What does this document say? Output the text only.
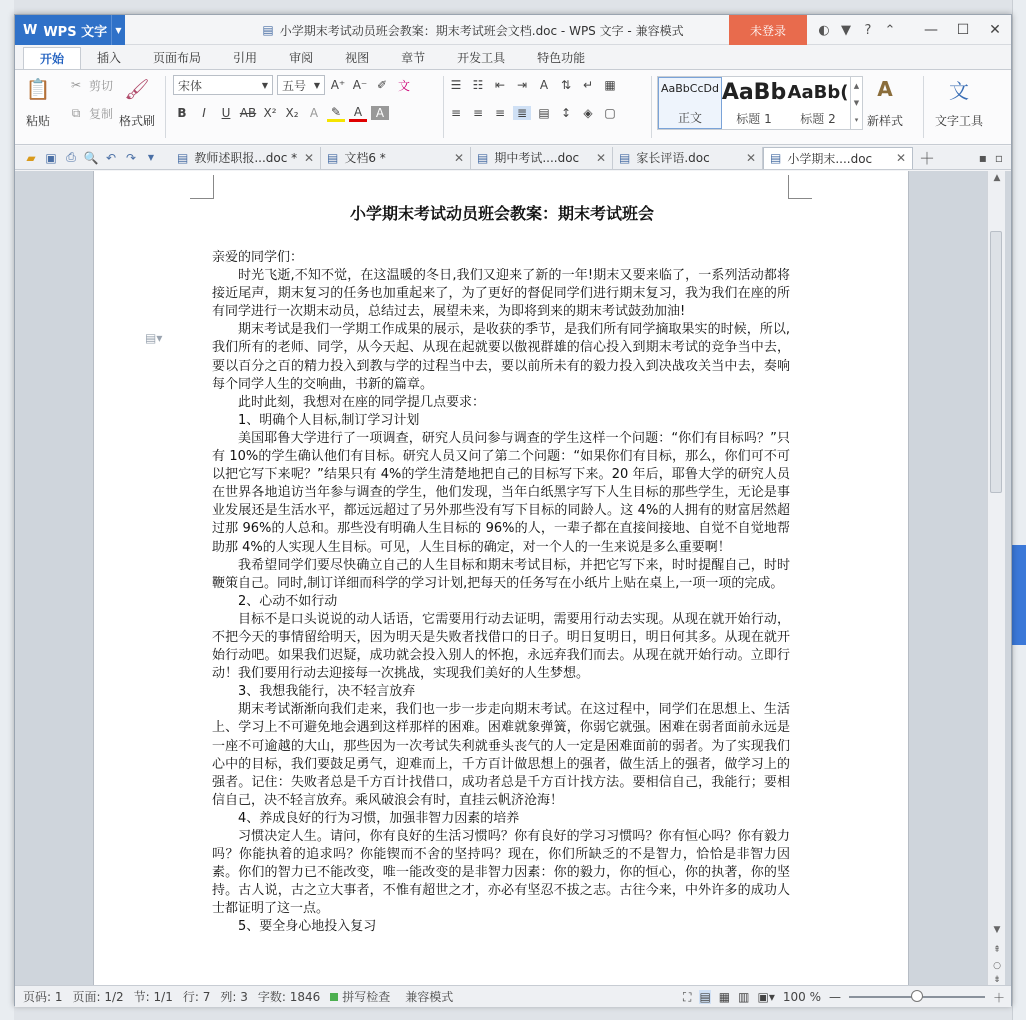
W WPS 文字	▼	▤ 小学期末考试动员班会教案：期末考试班会文档.doc - WPS 文字 - 兼容模式	未登录	◐ ▼	?	⌃	—	☐	✕
开始	插入	页面布局	引用	审阅	视图	章节	开发工具	特色功能
📋
粘贴
✂ 剪切
⧉ 复制
🖌
格式刷
宋体	▼ 五号 ▼ A⁺ A⁻ ✐ 文
B	I	U AB X² X₂ A	✎	A	A
☰ ☷ ⇤ ⇥	A	⇅ ↵ ▦
≡ ≡ ≡ ≣ ▤ ↕	◈ ▢
AaBbCcDd
正文
AaBb
标题 1
AaBb(
标题 2
▲
▼
▾
A
新样式
文
文字工具
▰ ▣ ⎙ 🔍 ↶ ↷	▼	▤ 教师述职报...doc * ✕ ▤ 文档6 *	✕ ▤ 期中考试....doc ✕ ▤ 家长评语.doc	✕ ▤ 小学期末....doc ✕ ＋	▪ ▫
小学期末考试动员班会教案：期末考试班会

亲爱的同学们：

时光飞逝,不知不觉，在这温暖的冬日,我们又迎来了新的一年!期末又要来临了，一系列活动都将接近尾声，期末复习的任务也加重起来了，为了更好的督促同学们进行期末复习，我为我们在座的所有同学进行一次期末动员，总结过去，展望未来，为即将到来的期末考试鼓劲加油!

期末考试是我们一学期工作成果的展示，是收获的季节，是我们所有同学摘取果实的时候，所以,我们所有的老师、同学，从今天起、从现在起就要以傲视群雄的信心投入到期末考试的竞争当中去，要以百分之百的精力投入到教与学的过程当中去，要以前所未有的毅力投入到决战攻关当中去，奏响每个同学人生的交响曲，书新的篇章。

此时此刻，我想对在座的同学提几点要求：

1、明确个人目标,制订学习计划

美国耶鲁大学进行了一项调查，研究人员问参与调查的学生这样一个问题：“你们有目标吗？”只有 10%的学生确认他们有目标。研究人员又问了第二个问题：“如果你们有目标，那么，你们可不可以把它写下来呢？”结果只有 4%的学生清楚地把自己的目标写下来。20 年后，耶鲁大学的研究人员在世界各地追访当年参与调查的学生，他们发现，当年白纸黑字写下人生目标的那些学生，无论是事业发展还是生活水平，都远远超过了另外那些没有写下目标的同龄人。这 4%的人拥有的财富居然超过那 96%的人总和。那些没有明确人生目标的 96%的人，一辈子都在直接间接地、自觉不自觉地帮助那 4%的人实现人生目标。可见，人生目标的确定，对一个人的一生来说是多么重要啊！

我希望同学们要尽快确立自己的人生目标和期末考试目标，并把它写下来，时时提醒自己，时时鞭策自己。同时,制订详细而科学的学习计划,把每天的任务写在小纸片上贴在桌上,一项一项的完成。

2、心动不如行动

目标不是口头说说的动人话语，它需要用行动去证明，需要用行动去实现。从现在就开始行动，不把今天的事情留给明天，因为明天是失败者找借口的日子。明日复明日，明日何其多。从现在就开始行动吧。如果我们迟疑，成功就会投入别人的怀抱，永远弃我们而去。从现在就开始行动。立即行动！我们要用行动去迎接每一次挑战，实现我们美好的人生梦想。

3、我想我能行，决不轻言放弃

期末考试渐渐向我们走来，我们也一步一步走向期末考试。在这过程中，同学们在思想上、生活上、学习上不可避免地会遇到这样那样的困难。困难就象弹簧，你弱它就强。困难在弱者面前永远是一座不可逾越的大山，那些因为一次考试失利就垂头丧气的人一定是困难面前的弱者。为了实现我们心中的目标，我们要鼓足勇气，迎难而上，千方百计做思想上的强者，做生活上的强者，做学习上的强者。记住：失败者总是千方百计找借口，成功者总是千方百计找方法。要相信自己，我能行；要相信自己，决不轻言放弃。乘风破浪会有时，直挂云帆济沧海！

4、养成良好的行为习惯，加强非智力因素的培养

习惯决定人生。请问，你有良好的生活习惯吗？你有良好的学习习惯吗？你有恒心吗？你有毅力吗？你能执着的追求吗？你能锲而不舍的坚持吗？现在，你们所缺乏的不是智力，恰恰是非智力因素。你们的智力已不能改变，唯一能改变的是非智力因素：你的毅力，你的恒心，你的执著，你的坚持。古人说，古之立大事者，不惟有超世之才，亦必有坚忍不拔之志。古往今来，中外许多的成功人士都证明了这一点。

5、要全身心地投入复习

▤▾
▲
▼
⇞
○
⇟
页码: 1 页面: 1/2 节: 1/1 行: 7 列: 3 字数: 1846	拼写检查	兼容模式	⛶ ▤ ▦ ▥ ▣▾ 100 % —	＋
